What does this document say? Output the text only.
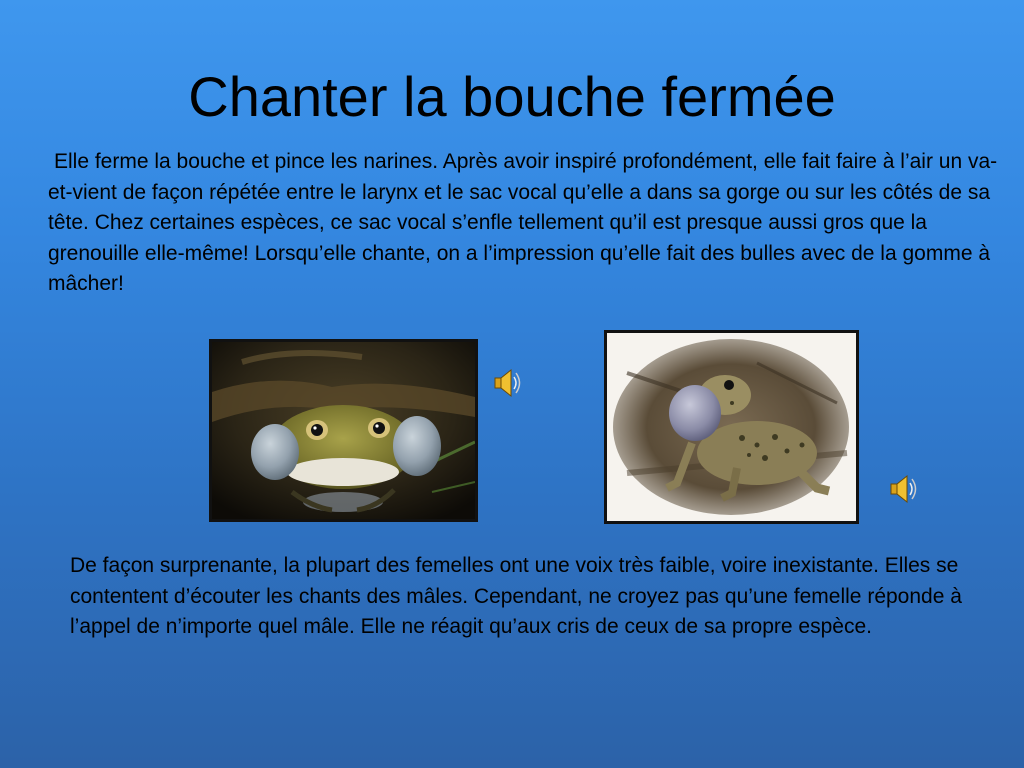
Chanter la bouche fermée
Elle ferme la bouche et pince les narines. Après avoir inspiré profondément, elle fait faire à l’air un va-et-vient de façon répétée entre le larynx et le sac vocal qu’elle a dans sa gorge ou sur les côtés de sa tête. Chez certaines espèces, ce sac vocal s’enfle tellement qu’il est presque aussi gros que la grenouille elle-même! Lorsqu’elle chante, on a l’impression qu’elle fait des bulles avec de la gomme à mâcher!
De façon surprenante, la plupart des femelles ont une voix très faible, voire inexistante. Elles se contentent d’écouter les chants des mâles. Cependant, ne croyez pas qu’une femelle réponde à l’appel de n’importe quel mâle. Elle ne réagit qu’aux cris de ceux de sa propre espèce.
